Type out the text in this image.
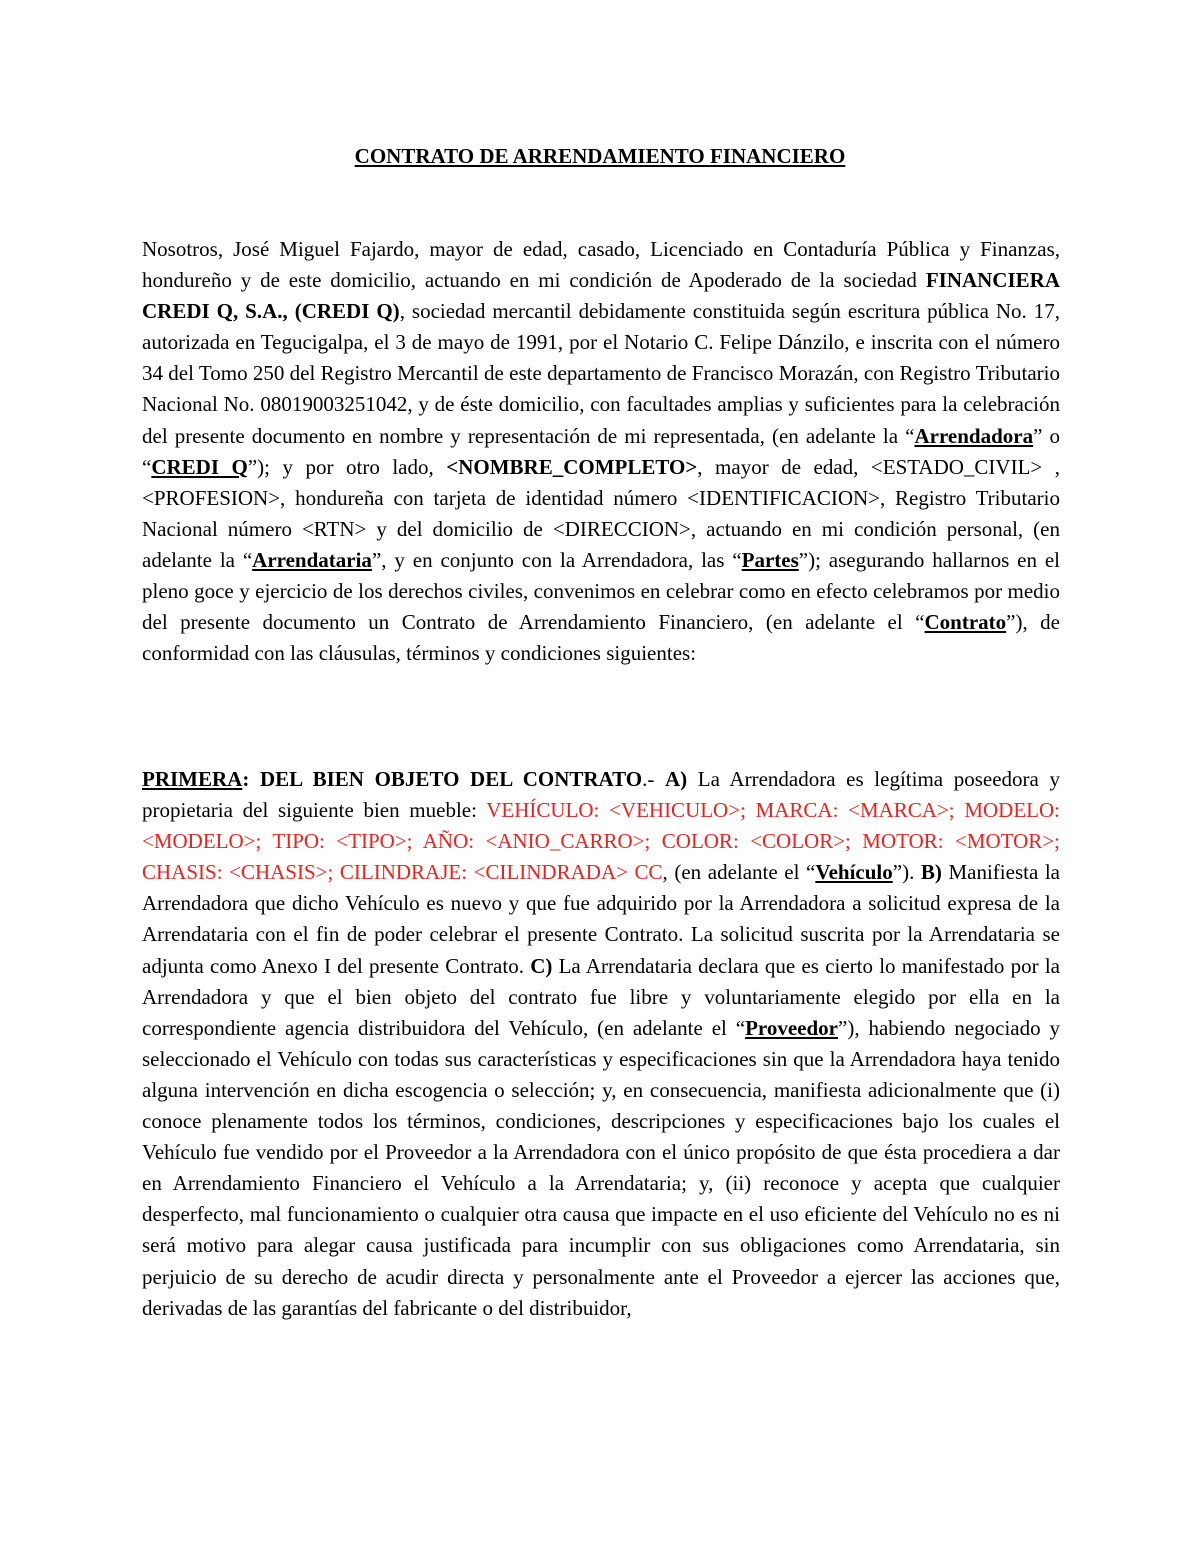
CONTRATO DE ARRENDAMIENTO FINANCIERO
Nosotros, José Miguel Fajardo, mayor de edad, casado, Licenciado en Contaduría Pública y Finanzas, hondureño y de este domicilio, actuando en mi condición de Apoderado de la sociedad FINANCIERA CREDI Q, S.A., (CREDI Q), sociedad mercantil debidamente constituida según escritura pública No. 17, autorizada en Tegucigalpa, el 3 de mayo de 1991, por el Notario C. Felipe Dánzilo, e inscrita con el número 34 del Tomo 250 del Registro Mercantil de este departamento de Francisco Morazán, con Registro Tributario Nacional No. 08019003251042, y de éste domicilio, con facultades amplias y suficientes para la celebración del presente documento en nombre y representación de mi representada, (en adelante la “Arrendadora” o “CREDI Q”); y por otro lado, <NOMBRE_COMPLETO>, mayor de edad, <ESTADO_CIVIL> , <PROFESION>, hondureña con tarjeta de identidad número <IDENTIFICACION>, Registro Tributario Nacional número <RTN> y del domicilio de <DIRECCION>, actuando en mi condición personal, (en adelante la “Arrendataria”, y en conjunto con la Arrendadora, las “Partes”); asegurando hallarnos en el pleno goce y ejercicio de los derechos civiles, convenimos en celebrar como en efecto celebramos por medio del presente documento un Contrato de Arrendamiento Financiero, (en adelante el “Contrato”), de conformidad con las cláusulas, términos y condiciones siguientes:
PRIMERA: DEL BIEN OBJETO DEL CONTRATO.- A) La Arrendadora es legítima poseedora y propietaria del siguiente bien mueble: VEHÍCULO: <VEHICULO>; MARCA: <MARCA>; MODELO: <MODELO>; TIPO: <TIPO>; AÑO: <ANIO_CARRO>; COLOR: <COLOR>; MOTOR: <MOTOR>; CHASIS: <CHASIS>; CILINDRAJE: <CILINDRADA> CC, (en adelante el “Vehículo”). B) Manifiesta la Arrendadora que dicho Vehículo es nuevo y que fue adquirido por la Arrendadora a solicitud expresa de la Arrendataria con el fin de poder celebrar el presente Contrato. La solicitud suscrita por la Arrendataria se adjunta como Anexo I del presente Contrato. C) La Arrendataria declara que es cierto lo manifestado por la Arrendadora y que el bien objeto del contrato fue libre y voluntariamente elegido por ella en la correspondiente agencia distribuidora del Vehículo, (en adelante el “Proveedor”), habiendo negociado y seleccionado el Vehículo con todas sus características y especificaciones sin que la Arrendadora haya tenido alguna intervención en dicha escogencia o selección; y, en consecuencia, manifiesta adicionalmente que (i) conoce plenamente todos los términos, condiciones, descripciones y especificaciones bajo los cuales el Vehículo fue vendido por el Proveedor a la Arrendadora con el único propósito de que ésta procediera a dar en Arrendamiento Financiero el Vehículo a la Arrendataria; y, (ii) reconoce y acepta que cualquier desperfecto, mal funcionamiento o cualquier otra causa que impacte en el uso eficiente del Vehículo no es ni será motivo para alegar causa justificada para incumplir con sus obligaciones como Arrendataria, sin perjuicio de su derecho de acudir directa y personalmente ante el Proveedor a ejercer las acciones que, derivadas de las garantías del fabricante o del distribuidor,
